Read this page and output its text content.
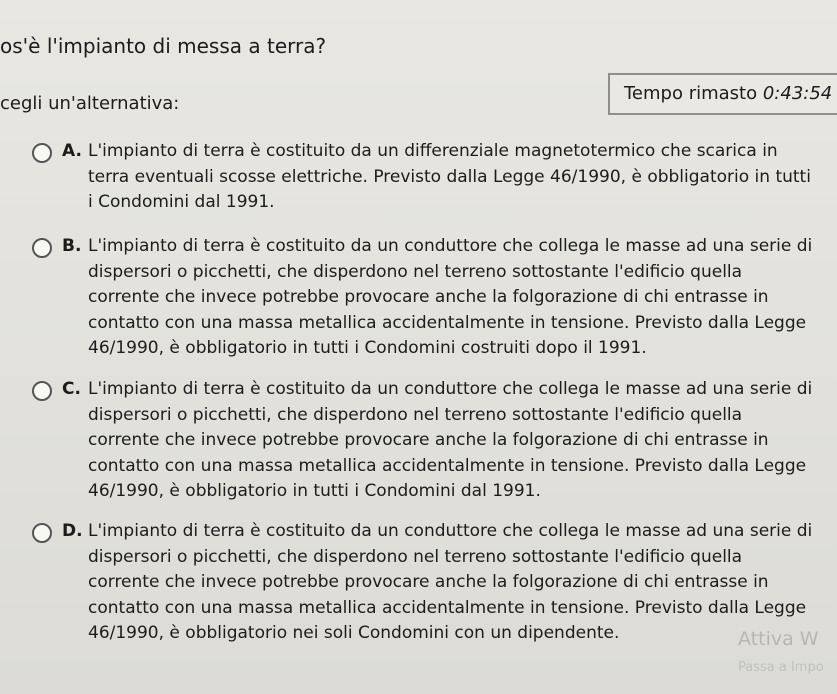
os'è l'impianto di messa a terra?
cegli un'alternativa:	Tempo rimasto 0:43:54
A. L'impianto di terra è costituito da un differenziale magnetotermico che scarica in terra eventuali scosse elettriche. Previsto dalla Legge 46/1990, è obbligatorio in tutti i Condomini dal 1991.
B. L'impianto di terra è costituito da un conduttore che collega le masse ad una serie di dispersori o picchetti, che disperdono nel terreno sottostante l'edificio quella corrente che invece potrebbe provocare anche la folgorazione di chi entrasse in contatto con una massa metallica accidentalmente in tensione. Previsto dalla Legge 46/1990, è obbligatorio in tutti i Condomini costruiti dopo il 1991.
C. L'impianto di terra è costituito da un conduttore che collega le masse ad una serie di dispersori o picchetti, che disperdono nel terreno sottostante l'edificio quella corrente che invece potrebbe provocare anche la folgorazione di chi entrasse in contatto con una massa metallica accidentalmente in tensione. Previsto dalla Legge 46/1990, è obbligatorio in tutti i Condomini dal 1991.
D. L'impianto di terra è costituito da un conduttore che collega le masse ad una serie di dispersori o picchetti, che disperdono nel terreno sottostante l'edificio quella corrente che invece potrebbe provocare anche la folgorazione di chi entrasse in contatto con una massa metallica accidentalmente in tensione. Previsto dalla Legge 46/1990, è obbligatorio nei soli Condomini con un dipendente.	Attiva W
Passa a Impo
